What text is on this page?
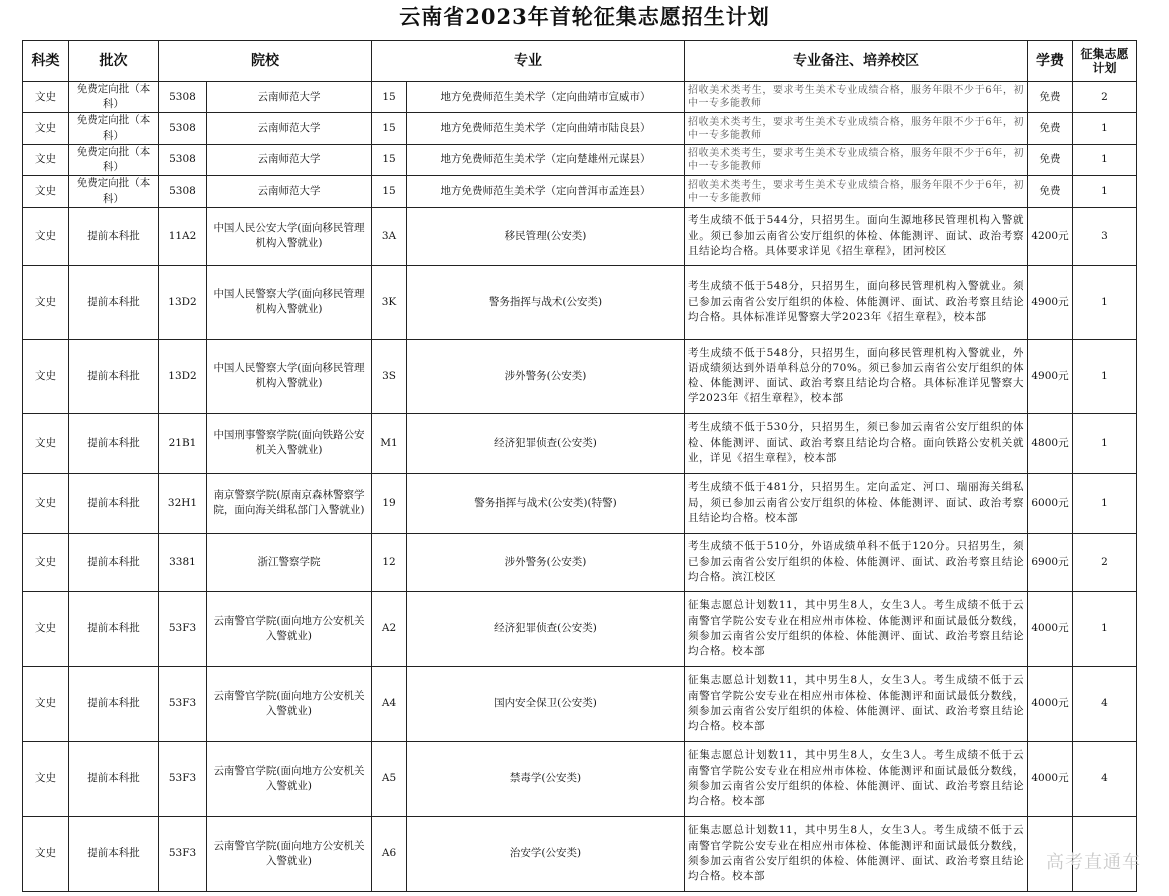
云南省2023年首轮征集志愿招生计划
科类	批次	院校		专业		专业备注、培养校区	学费	征集志愿计划
文史	免费定向批（本科）	5308	云南师范大学	15	地方免费师范生美术学（定向曲靖市宣威市）	招收美术类考生，要求考生美术专业成绩合格，服务年限不少于6年，初中一专多能教师	免费	2
文史	免费定向批（本科）	5308	云南师范大学	15	地方免费师范生美术学（定向曲靖市陆良县）	招收美术类考生，要求考生美术专业成绩合格，服务年限不少于6年，初中一专多能教师	免费	1
文史	免费定向批（本科）	5308	云南师范大学	15	地方免费师范生美术学（定向楚雄州元谋县）	招收美术类考生，要求考生美术专业成绩合格，服务年限不少于6年，初中一专多能教师	免费	1
文史	免费定向批（本科）	5308	云南师范大学	15	地方免费师范生美术学（定向普洱市孟连县）	招收美术类考生，要求考生美术专业成绩合格，服务年限不少于6年，初中一专多能教师	免费	1
文史	提前本科批	11A2	中国人民公安大学(面向移民管理机构入警就业)	3A	移民管理(公安类)	考生成绩不低于544分，只招男生。面向生源地移民管理机构入警就业。须已参加云南省公安厅组织的体检、体能测评、面试、政治考察且结论均合格。具体要求详见《招生章程》，团河校区	4200元	3
文史	提前本科批	13D2	中国人民警察大学(面向移民管理机构入警就业)	3K	警务指挥与战术(公安类)	考生成绩不低于548分，只招男生，面向移民管理机构入警就业。须已参加云南省公安厅组织的体检、体能测评、面试、政治考察且结论均合格。具体标准详见警察大学2023年《招生章程》，校本部	4900元	1
文史	提前本科批	13D2	中国人民警察大学(面向移民管理机构入警就业)	3S	涉外警务(公安类)	考生成绩不低于548分，只招男生，面向移民管理机构入警就业，外语成绩须达到外语单科总分的70%。须已参加云南省公安厅组织的体检、体能测评、面试、政治考察且结论均合格。具体标准详见警察大学2023年《招生章程》，校本部	4900元	1
文史	提前本科批	21B1	中国刑事警察学院(面向铁路公安机关入警就业)	M1	经济犯罪侦查(公安类)	考生成绩不低于530分，只招男生，须已参加云南省公安厅组织的体检、体能测评、面试、政治考察且结论均合格。面向铁路公安机关就业，详见《招生章程》，校本部	4800元	1
文史	提前本科批	32H1	南京警察学院(原南京森林警察学院，面向海关缉私部门入警就业)	19	警务指挥与战术(公安类)(特警)	考生成绩不低于481分，只招男生。定向孟定、河口、瑞丽海关缉私局，须已参加云南省公安厅组织的体检、体能测评、面试、政治考察且结论均合格。校本部	6000元	1
文史	提前本科批	3381	浙江警察学院	12	涉外警务(公安类)	考生成绩不低于510分，外语成绩单科不低于120分。只招男生，须已参加云南省公安厅组织的体检、体能测评、面试、政治考察且结论均合格。滨江校区	6900元	2
文史	提前本科批	53F3	云南警官学院(面向地方公安机关入警就业)	A2	经济犯罪侦查(公安类)	征集志愿总计划数11，其中男生8人，女生3人。考生成绩不低于云南警官学院公安专业在相应州市体检、体能测评和面试最低分数线，须参加云南省公安厅组织的体检、体能测评、面试、政治考察且结论均合格。校本部	4000元	1
文史	提前本科批	53F3	云南警官学院(面向地方公安机关入警就业)	A4	国内安全保卫(公安类)	征集志愿总计划数11，其中男生8人，女生3人。考生成绩不低于云南警官学院公安专业在相应州市体检、体能测评和面试最低分数线，须参加云南省公安厅组织的体检、体能测评、面试、政治考察且结论均合格。校本部	4000元	4
文史	提前本科批	53F3	云南警官学院(面向地方公安机关入警就业)	A5	禁毒学(公安类)	征集志愿总计划数11，其中男生8人，女生3人。考生成绩不低于云南警官学院公安专业在相应州市体检、体能测评和面试最低分数线，须参加云南省公安厅组织的体检、体能测评、面试、政治考察且结论均合格。校本部	4000元	4
文史	提前本科批	53F3	云南警官学院(面向地方公安机关入警就业)	A6	治安学(公安类)	征集志愿总计划数11，其中男生8人，女生3人。考生成绩不低于云南警官学院公安专业在相应州市体检、体能测评和面试最低分数线，须参加云南省公安厅组织的体检、体能测评、面试、政治考察且结论均合格。校本部		
高考直通车
